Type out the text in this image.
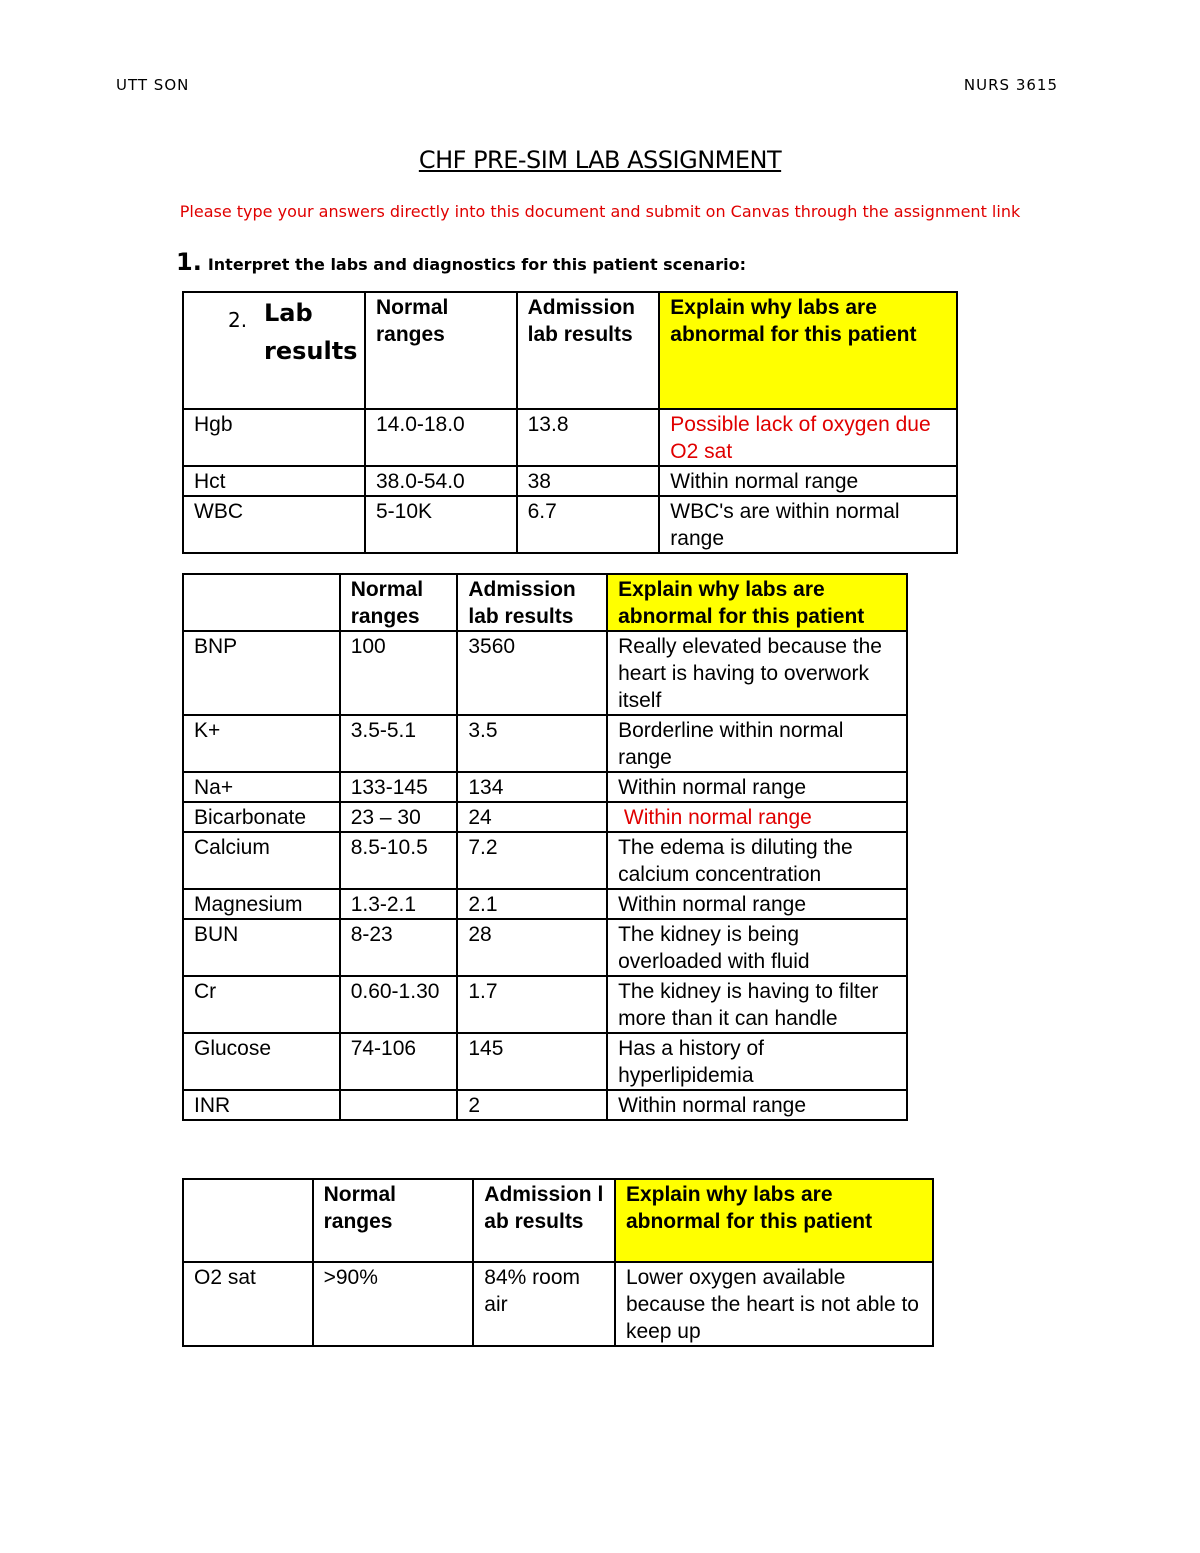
UTT SON	NURS 3615
CHF PRE-SIM LAB ASSIGNMENT
Please type your answers directly into this document and submit on Canvas through the assignment link
1. Interpret the labs and diagnostics for this patient scenario:
2. Lab results	Normal ranges	Admission lab results	Explain why labs are abnormal for this patient
Hgb	14.0-18.0	13.8	Possible lack of oxygen due O2 sat
Hct	38.0-54.0	38	Within normal range
WBC	5-10K	6.7	WBC's are within normal range
	Normal ranges	Admission lab results	Explain why labs are abnormal for this patient
BNP	100	3560	Really elevated because the heart is having to overwork itself
K+	3.5-5.1	3.5	Borderline within normal range
Na+	133-145	134	Within normal range
Bicarbonate	23 – 30	24	Within normal range
Calcium	8.5-10.5	7.2	The edema is diluting the calcium concentration
Magnesium	1.3-2.1	2.1	Within normal range
BUN	8-23	28	The kidney is being overloaded with fluid
Cr	0.60-1.30	1.7	The kidney is having to filter more than it can handle
Glucose	74-106	145	Has a history of hyperlipidemia
INR		2	Within normal range
	Normal ranges	Admission lab results	Explain why labs are abnormal for this patient
O2 sat	>90%	84% room air	Lower oxygen available because the heart is not able to keep up
